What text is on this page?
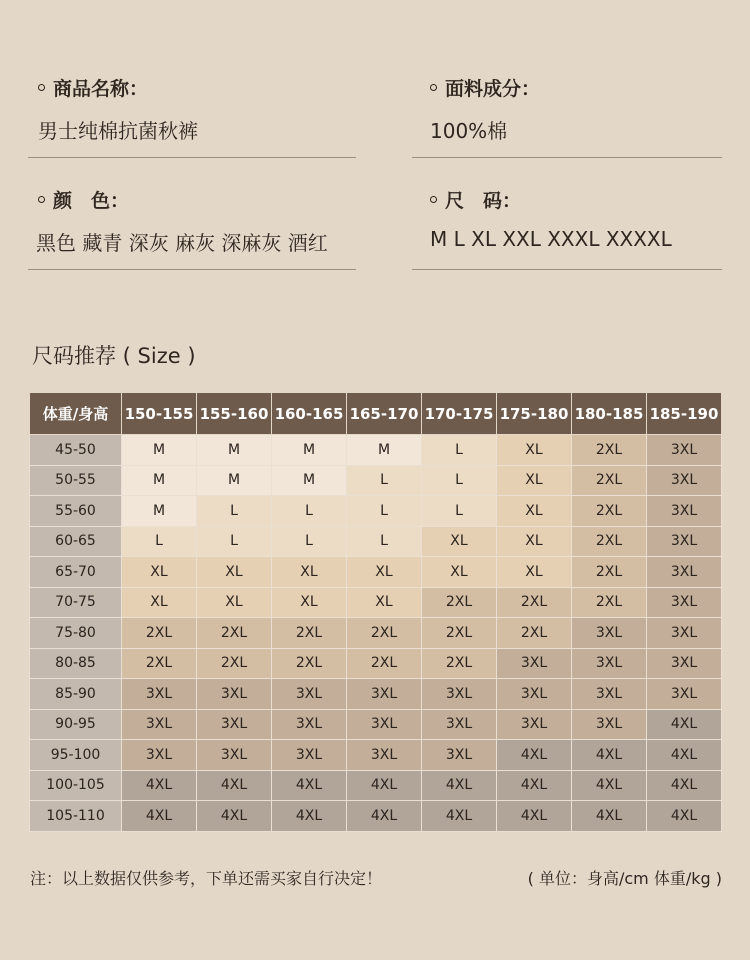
商品名称：
男士纯棉抗菌秋裤
面料成分：
100%棉
颜　色：
黑色 藏青 深灰 麻灰 深麻灰 酒红
尺　码：
M L XL XXL XXXL XXXXL
尺码推荐 ( Size )
体重/身高	150-155	155-160	160-165	165-170	170-175	175-180	180-185	185-190
45-50	M	M	M	M	L	XL	2XL	3XL
50-55	M	M	M	L	L	XL	2XL	3XL
55-60	M	L	L	L	L	XL	2XL	3XL
60-65	L	L	L	L	XL	XL	2XL	3XL
65-70	XL	XL	XL	XL	XL	XL	2XL	3XL
70-75	XL	XL	XL	XL	2XL	2XL	2XL	3XL
75-80	2XL	2XL	2XL	2XL	2XL	2XL	3XL	3XL
80-85	2XL	2XL	2XL	2XL	2XL	3XL	3XL	3XL
85-90	3XL	3XL	3XL	3XL	3XL	3XL	3XL	3XL
90-95	3XL	3XL	3XL	3XL	3XL	3XL	3XL	4XL
95-100	3XL	3XL	3XL	3XL	3XL	4XL	4XL	4XL
100-105	4XL	4XL	4XL	4XL	4XL	4XL	4XL	4XL
105-110	4XL	4XL	4XL	4XL	4XL	4XL	4XL	4XL
注：以上数据仅供参考，下单还需买家自行决定！	( 单位：身高/cm 体重/kg )
